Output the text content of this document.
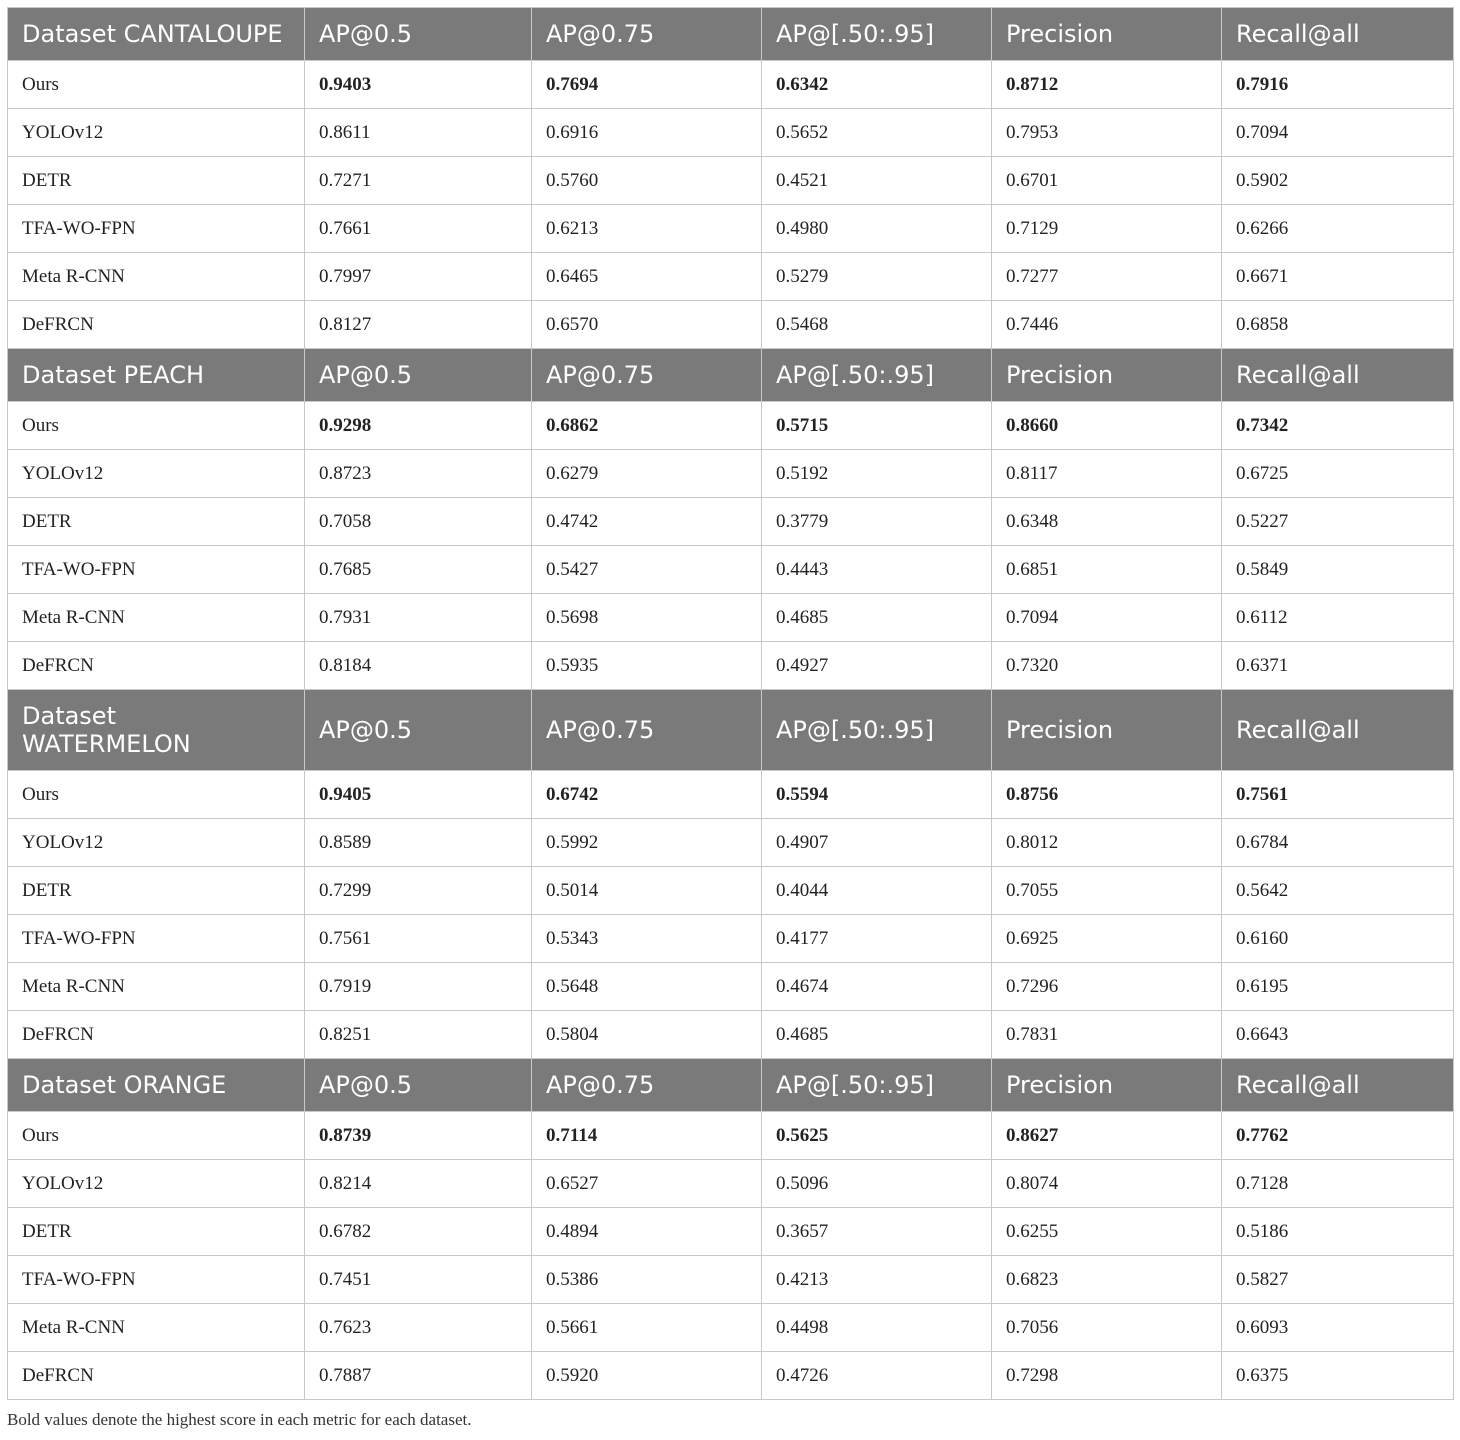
Dataset CANTALOUPE	AP@0.5	AP@0.75	AP@[.50:.95]	Precision	Recall@all
Ours	0.9403	0.7694	0.6342	0.8712	0.7916
YOLOv12	0.8611	0.6916	0.5652	0.7953	0.7094
DETR	0.7271	0.5760	0.4521	0.6701	0.5902
TFA-WO-FPN	0.7661	0.6213	0.4980	0.7129	0.6266
Meta R-CNN	0.7997	0.6465	0.5279	0.7277	0.6671
DeFRCN	0.8127	0.6570	0.5468	0.7446	0.6858
Dataset PEACH	AP@0.5	AP@0.75	AP@[.50:.95]	Precision	Recall@all
Ours	0.9298	0.6862	0.5715	0.8660	0.7342
YOLOv12	0.8723	0.6279	0.5192	0.8117	0.6725
DETR	0.7058	0.4742	0.3779	0.6348	0.5227
TFA-WO-FPN	0.7685	0.5427	0.4443	0.6851	0.5849
Meta R-CNN	0.7931	0.5698	0.4685	0.7094	0.6112
DeFRCN	0.8184	0.5935	0.4927	0.7320	0.6371
Dataset WATERMELON	AP@0.5	AP@0.75	AP@[.50:.95]	Precision	Recall@all
Ours	0.9405	0.6742	0.5594	0.8756	0.7561
YOLOv12	0.8589	0.5992	0.4907	0.8012	0.6784
DETR	0.7299	0.5014	0.4044	0.7055	0.5642
TFA-WO-FPN	0.7561	0.5343	0.4177	0.6925	0.6160
Meta R-CNN	0.7919	0.5648	0.4674	0.7296	0.6195
DeFRCN	0.8251	0.5804	0.4685	0.7831	0.6643
Dataset ORANGE	AP@0.5	AP@0.75	AP@[.50:.95]	Precision	Recall@all
Ours	0.8739	0.7114	0.5625	0.8627	0.7762
YOLOv12	0.8214	0.6527	0.5096	0.8074	0.7128
DETR	0.6782	0.4894	0.3657	0.6255	0.5186
TFA-WO-FPN	0.7451	0.5386	0.4213	0.6823	0.5827
Meta R-CNN	0.7623	0.5661	0.4498	0.7056	0.6093
DeFRCN	0.7887	0.5920	0.4726	0.7298	0.6375
Bold values denote the highest score in each metric for each dataset.
